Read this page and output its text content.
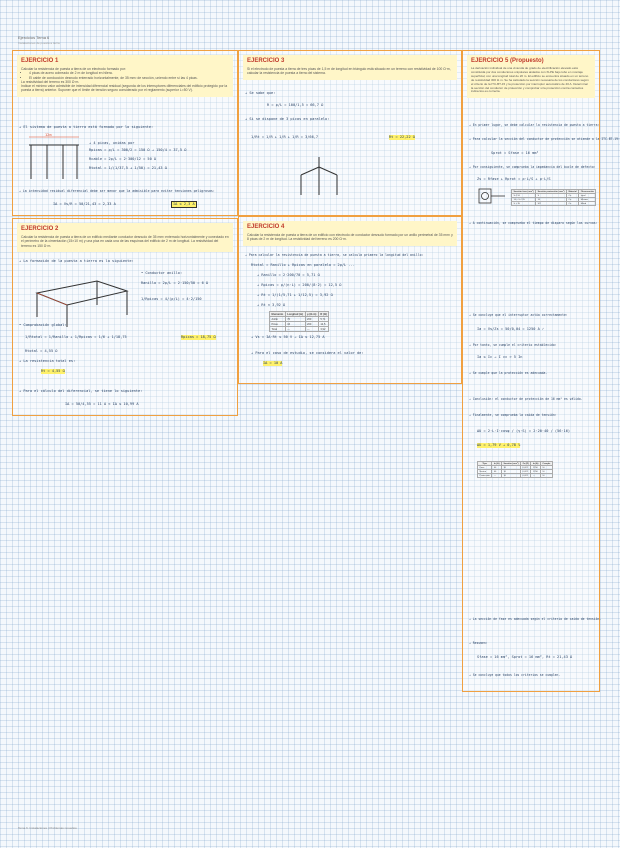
Ejercicios Tema 6
Instalaciones de puesta a tierra
EJERCICIO 1
Calcular la resistencia de puesta a tierra de un electrodo formado por:
• 4 picas de acero cobreado de 2 m de longitud en hilera.
• El cable de conducción desnudo enterrado horizontalmente, de 35 mm² de sección, uniendo entre sí las 4 picas.
La resistividad del terreno es 300 Ω·m.
Indicar el mínimo valor admisible de intensidad diferencial residual (segunda de los interruptores diferenciales del edificio protegido por la puesta a tierra) anterior. Suponer que el límite de tensión seguro considerado por el reglamento (superior L=50 V).
→ El sistema de puesta a tierra está formado por lo siguiente:
12m
→ 4 picas, unidas por
Rpicas = ρ/L = 300/2 = 150 Ω → 150/4 = 37,5 Ω
Rcable = 2ρ/L = 2·300/12 = 50 Ω
Rtotal = 1/(1/37,5 + 1/50) = 21,43 Ω
→ La intensidad residual diferencial debe ser menor que la admisible para evitar tensiones peligrosas:
I∆ = Vs/R = 50/21,43 = 2,33 A	I∆ ≤ 2,3 A
EJERCICIO 2
Calcular la resistencia de puesta a tierra de un edificio mediante conductor desnudo de 35 mm² enterrado horizontalmente y conectado en el perímetro de la cimentación (15×10 m) y una pica en cada una de las esquinas del edificio de 2 m de longitud. La resistividad del terreno es 150 Ω·m.
→ La formación de la puesta a tierra es la siguiente:
• Conductor anillo:
Ranillo = 2ρ/L = 2·150/50 = 6 Ω
1/Rpicas = 4/(ρ/L) = 4·2/150
Rpicas = 18,75 Ω
• Comprobación global:
1/Rtotal = 1/Ranillo + 1/Rpicas = 1/6 + 1/18,75
Rtotal = 4,55 Ω
→ La resistencia total es:
Rt = 4,55 Ω
→ Para el cálculo del diferencial, se tiene lo siguiente:
I∆ = 50/4,55 = 11 A ≈ I∆ ≤ 10,99 A
EJERCICIO 3
Si el electrodo de puesta a tierra de tres picas de 1,5 m de longitud en triángulo está situado en un terreno con resistividad de 100 Ω·m, calcular la resistencia de puesta a tierra del sistema.
→ Se sabe que:
R = ρ/L = 100/1,5 = 66,7 Ω
→ Si se dispone de 3 picas en paralelo:
1/Rt = 1/R + 1/R + 1/R = 3/66,7	Rt = 22,22 Ω
EJERCICIO 4
Calcular la resistencia de puesta a tierra de un edificio con electrodo de conductor desnudo formado por un anillo perimetral de 35 mm² y 8 picas de 2 m de longitud. La resistividad del terreno es 200 Ω·m.
→ Para calcular la resistencia de puesta a tierra, se calcula primero la longitud del anillo:
Rtotal = Ranillo + Rpicas en paralelo = 2ρ/L ...
→ Ranillo = 2·200/70 = 5,71 Ω
→ Rpicas = ρ/(n·L) = 200/(8·2) = 12,5 Ω
→ Rt = 1/(1/5,71 + 1/12,5) = 3,92 Ω
→ Rt ≈ 3,92 Ω
Elemento	Longitud (m)	ρ (Ω·m)	R (Ω)
Anillo	70	200	5,71
Picas	16	200	12,5
Total	—	—	3,92
→ Vs = I∆·Rt ≤ 50 V → I∆ ≤ 12,75 A
→ Para el caso de estudio, se considera el valor de:
I∆ = 10 A
EJERCICIO 5 (Propuesto)
La derivación individual de una vivienda de grado de electrificación elevado está constituida por dos conductores unipolares aislados con XLPE bajo tubo en montaje superficial, con una longitud total de 20 m. El edificio se encuentra situado en un terreno de resistividad 300 Ω·m. Se ha calculado la sección necesaria de los conductores según el criterio de la ITC-BT-15 y la protección por interruptor automático de 40 A. Determinar la sección del conductor de protección y comprobar si la protección contra contactos indirectos es correcta.
→ En primer lugar, se debe calcular la resistencia de puesta a tierra:
→ Para calcular la sección del conductor de protección se atiende a la ITC-BT-19:
Sprot = Sfase = 16 mm²
→ Por consiguiente, se comprueba la impedancia del bucle de defecto:
Zs = Rfase + Rprot = ρ·L/S + ρ·L/S
Sección fase (mm²)	Sección protección (mm²)	Material	Observación
S ≤ 16	S	Cu	Igual
16 < S ≤ 35	16	Cu	Mínimo
S > 35	S/2	Cu	Mitad
→ A continuación, se comprueba el tiempo de disparo según las curvas:
→ Se concluye que el interruptor actúa correctamente:
Ia = Vs/Zs = 50/0,04 = 1250 A ✓
→ Por tanto, se cumple el criterio establecido:
Ia ≤ Ic → I cc > 5 In
→ Se cumple que la protección es adecuada.
→ Conclusión: el conductor de protección de 16 mm² es válido.
→ Finalmente, se comprueba la caída de tensión:
∆U = 2·L·I·cosφ / (γ·S) = 2·20·40 / (56·16)
∆U = 1,79 V → 0,78 %
Tipo	In (A)	Sección (mm²)	Zs (Ω)	Ia (A)	Cumple
Fase	40	16	0,022	1250	Sí
Neutro	40	16	0,022	1250	Sí
Protección	—	16	0,022	—	Sí
→ La sección de fase es adecuada según el criterio de caída de tensión.
→ Resumen:
Sfase = 16 mm², Sprot = 16 mm², Rt = 21,43 Ω
→ Se concluye que todos los criterios se cumplen.
Tema 6. Instalaciones | Problemas resueltos
